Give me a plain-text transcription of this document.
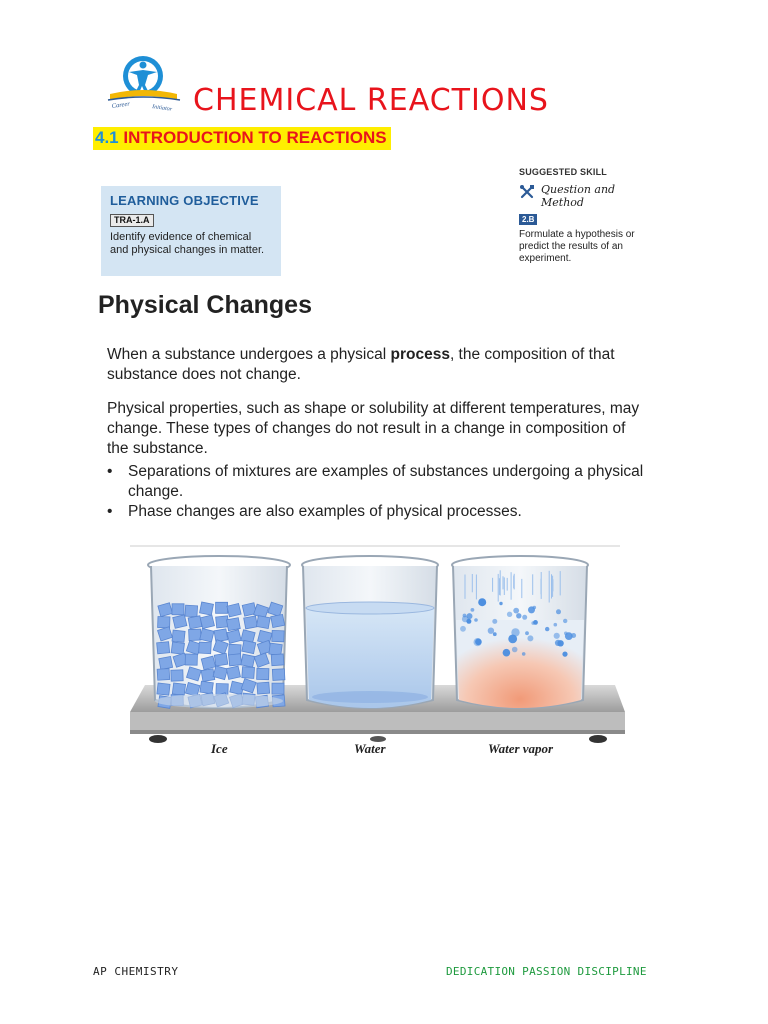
Career	Initiator CHEMICAL REACTIONS
4.1 INTRODUCTION TO REACTIONS
LEARNING OBJECTIVE
TRA-1.A
Identify evidence of chemical and physical changes in matter.
SUGGESTED SKILL
Question and
Method
2.B
Formulate a hypothesis or predict the results of an experiment.
Physical Changes
When a substance undergoes a physical process, the composition of that substance does not change.
Physical properties, such as shape or solubility at different temperatures, may change. These types of changes do not result in a change in composition of the substance.
• Separations of mixtures are examples of substances undergoing a physical change.
• Phase changes are also examples of physical processes.
Ice	Water	Water vapor
AP CHEMISTRY	DEDICATION PASSION DISCIPLINE
